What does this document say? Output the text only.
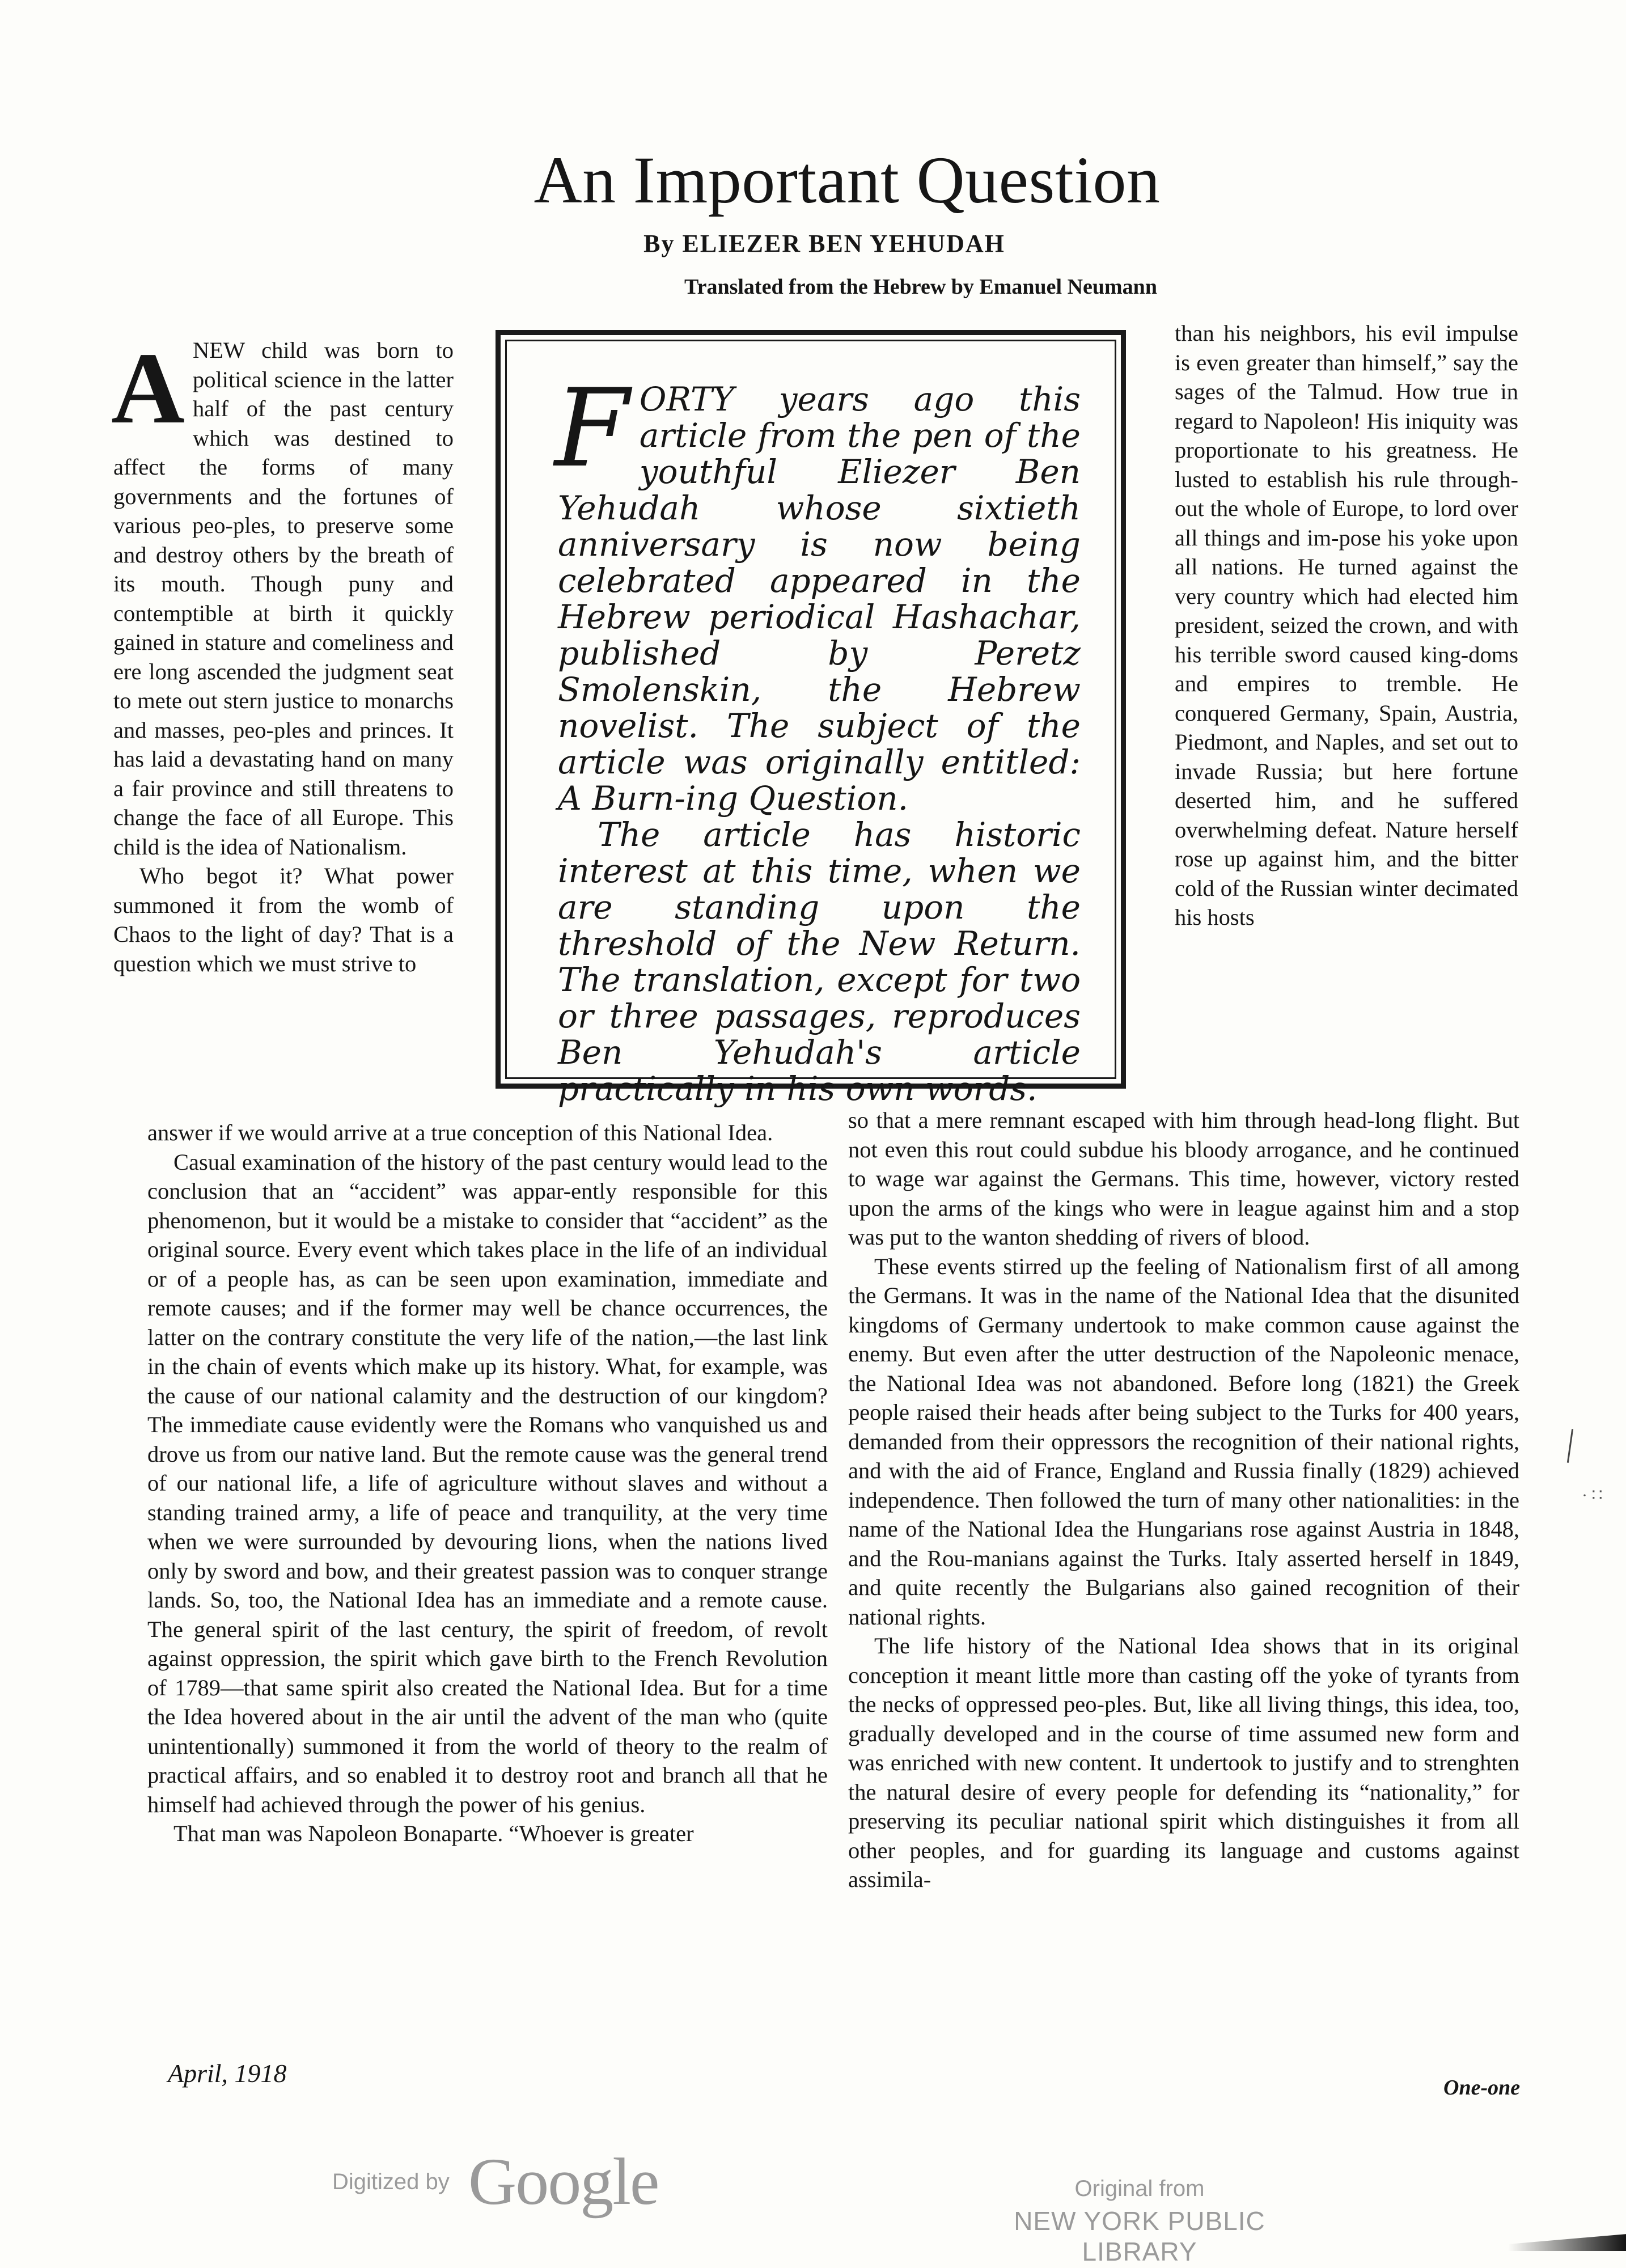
An Important Question
By ELIEZER BEN YEHUDAH
Translated from the Hebrew by Emanuel Neumann

ANEW child was born to political science in the latter half of the past century which was destined to affect the forms of many governments and the fortunes of various peo-ples, to preserve some and destroy others by the breath of its mouth. Though puny and contemptible at birth it quickly gained in stature and comeliness and ere long ascended the judgment seat to mete out stern justice to monarchs and masses, peo-ples and princes. It has laid a devastating hand on many a fair province and still threatens to change the face of all Europe. This child is the idea of Nationalism.

Who begot it? What power summoned it from the womb of Chaos to the light of day? That is a question which we must strive to

answer if we would arrive at a true conception of this National Idea.

Casual examination of the history of the past century would lead to the conclusion that an “accident” was appar-ently responsible for this phenomenon, but it would be a mistake to consider that “accident” as the original source. Every event which takes place in the life of an individual or of a people has, as can be seen upon examination, immediate and remote causes; and if the former may well be chance occurrences, the latter on the contrary constitute the very life of the nation,—the last link in the chain of events which make up its history. What, for example, was the cause of our national calamity and the destruction of our kingdom? The immediate cause evidently were the Romans who vanquished us and drove us from our native land. But the remote cause was the general trend of our national life, a life of agriculture without slaves and without a standing trained army, a life of peace and tranquility, at the very time when we were surrounded by devouring lions, when the nations lived only by sword and bow, and their greatest passion was to conquer strange lands. So, too, the National Idea has an immediate and a remote cause. The general spirit of the last century, the spirit of freedom, of revolt against oppression, the spirit which gave birth to the French Revolution of 1789—that same spirit also created the National Idea. But for a time the Idea hovered about in the air until the advent of the man who (quite unintentionally) summoned it from the world of theory to the realm of practical affairs, and so enabled it to destroy root and branch all that he himself had achieved through the power of his genius.

That man was Napoleon Bonaparte. “Whoever is greater

FORTY years ago this article from the pen of the youthful Eliezer Ben Yehudah whose sixtieth anniversary is now being celebrated appeared in the Hebrew periodical Hashachar, published by Peretz Smolenskin, the Hebrew novelist. The subject of the article was originally entitled: A Burn-ing Question.

The article has historic interest at this time, when we are standing upon the threshold of the New Return. The translation, except for two or three passages, reproduces Ben Yehudah's article practically in his own words.

than his neighbors, his evil impulse is even greater than himself,” say the sages of the Talmud. How true in regard to Napoleon! His iniquity was proportionate to his greatness. He lusted to establish his rule through-out the whole of Europe, to lord over all things and im-pose his yoke upon all nations. He turned against the very country which had elected him president, seized the crown, and with his terrible sword caused king-doms and empires to tremble. He conquered Germany, Spain, Austria, Piedmont, and Naples, and set out to invade Russia; but here fortune deserted him, and he suffered overwhelming defeat. Nature herself rose up against him, and the bitter cold of the Russian winter decimated his hosts

so that a mere remnant escaped with him through head-long flight. But not even this rout could subdue his bloody arrogance, and he continued to wage war against the Germans. This time, however, victory rested upon the arms of the kings who were in league against him and a stop was put to the wanton shedding of rivers of blood.

These events stirred up the feeling of Nationalism first of all among the Germans. It was in the name of the National Idea that the disunited kingdoms of Germany undertook to make common cause against the enemy. But even after the utter destruction of the Napoleonic menace, the National Idea was not abandoned. Before long (1821) the Greek people raised their heads after being subject to the Turks for 400 years, demanded from their oppressors the recognition of their national rights, and with the aid of France, England and Russia finally (1829) achieved independence. Then followed the turn of many other nationalities: in the name of the National Idea the Hungarians rose against Austria in 1848, and the Rou-manians against the Turks. Italy asserted herself in 1849, and quite recently the Bulgarians also gained recognition of their national rights.

The life history of the National Idea shows that in its original conception it meant little more than casting off the yoke of tyrants from the necks of oppressed peo-ples. But, like all living things, this idea, too, gradually developed and in the course of time assumed new form and was enriched with new content. It undertook to justify and to strenghten the natural desire of every people for defending its “nationality,” for preserving its peculiar national spirit which distinguishes it from all other peoples, and for guarding its language and customs against assimila-

April, 1918	One-one
Digitized by Google	Original from
NEW YORK PUBLIC LIBRARY
· ∷
